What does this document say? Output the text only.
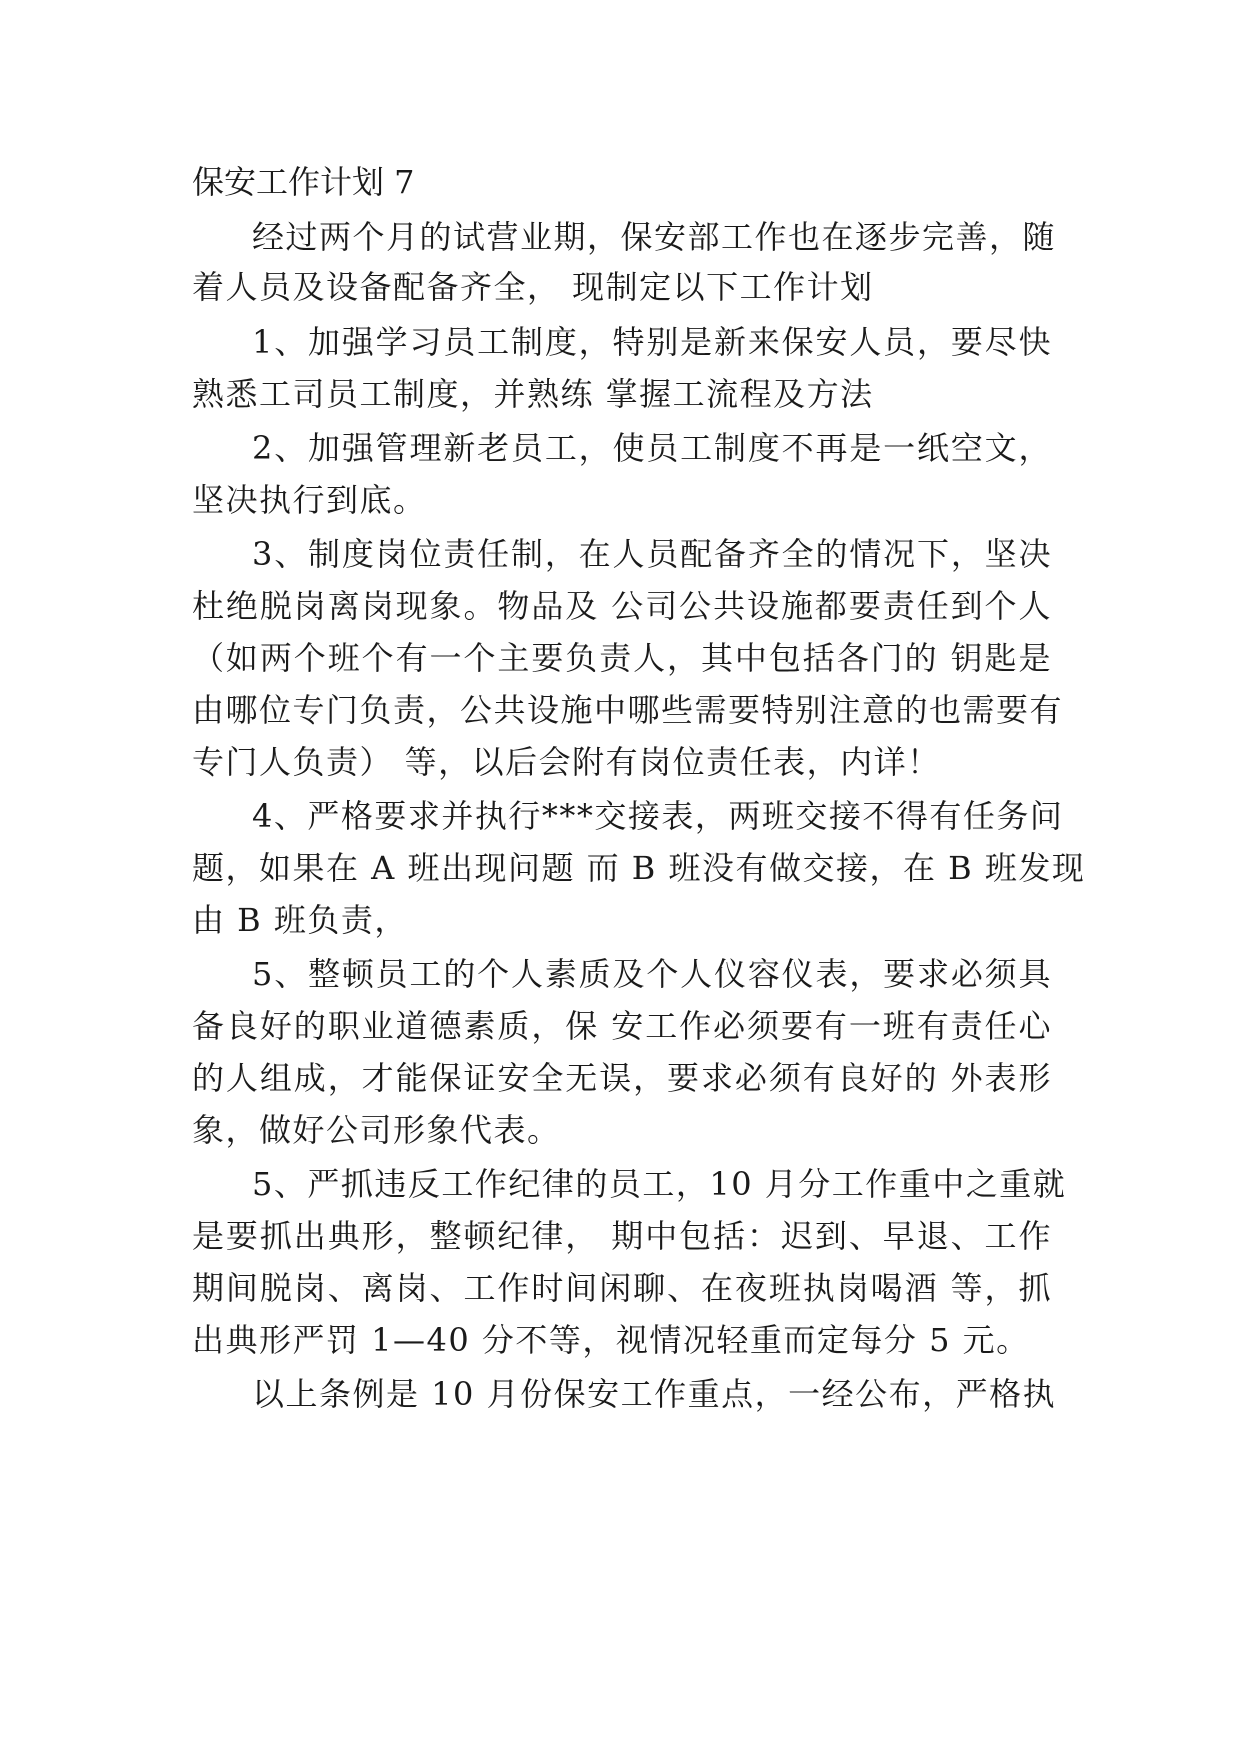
保安工作计划 7
经过两个月的试营业期，保安部工作也在逐步完善，随
着人员及设备配备齐全， 现制定以下工作计划
1、加强学习员工制度，特别是新来保安人员，要尽快
熟悉工司员工制度，并熟练 掌握工流程及方法
2、加强管理新老员工，使员工制度不再是一纸空文，
坚决执行到底。
3、制度岗位责任制，在人员配备齐全的情况下，坚决
杜绝脱岗离岗现象。物品及 公司公共设施都要责任到个人
（如两个班个有一个主要负责人，其中包括各门的 钥匙是
由哪位专门负责，公共设施中哪些需要特别注意的也需要有
专门人负责） 等，以后会附有岗位责任表，内详！
4、严格要求并执行***交接表，两班交接不得有任务问
题，如果在 A 班出现问题 而 B 班没有做交接，在 B 班发现
由 B 班负责，
5、整顿员工的个人素质及个人仪容仪表，要求必须具
备良好的职业道德素质，保 安工作必须要有一班有责任心
的人组成，才能保证安全无误，要求必须有良好的 外表形
象，做好公司形象代表。
5、严抓违反工作纪律的员工，10 月分工作重中之重就
是要抓出典形，整顿纪律， 期中包括：迟到、早退、工作
期间脱岗、离岗、工作时间闲聊、在夜班执岗喝酒 等，抓
出典形严罚 1—40 分不等，视情况轻重而定每分 5 元。
以上条例是 10 月份保安工作重点，一经公布，严格执
